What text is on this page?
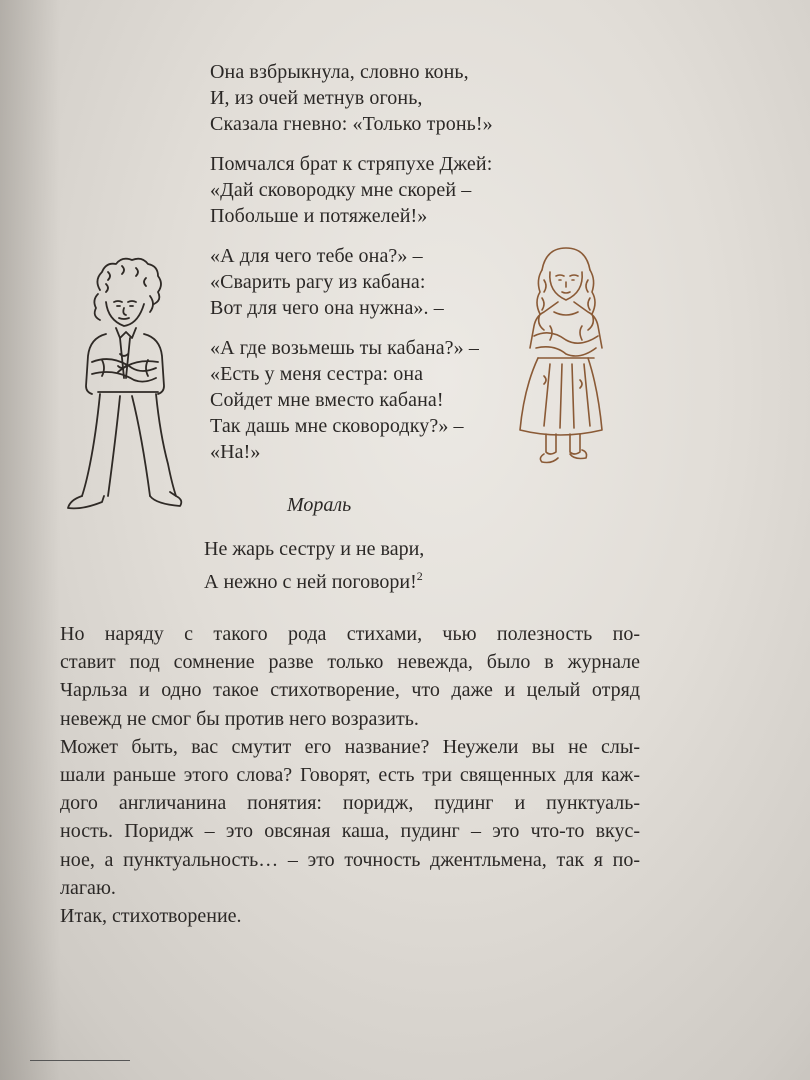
Она взбрыкнула, словно конь,
И, из очей метнув огонь,
Сказала гневно: «Только тронь!»
Помчался брат к стряпухе Джей:
«Дай сковородку мне скорей –
Побольше и потяжелей!»
«А для чего тебе она?» –
«Сварить рагу из кабана:
Вот для чего она нужна». –
«А где возьмешь ты кабана?» –
«Есть у меня сестра: она
Сойдет мне вместо кабана!
Так дашь мне сковородку?» –
«На!»
Мораль
Не жарь сестру и не вари,
А нежно с ней поговори!$^2$

Но наряду с такого рода стихами, чью полезность по-
ставит под сомнение разве только невежда, было в журнале
Чарльза и одно такое стихотворение, что даже и целый отряд
невежд не смог бы против него возразить.

Может быть, вас смутит его название? Неужели вы не слы-
шали раньше этого слова? Говорят, есть три священных для каж-
дого англичанина понятия: поридж, пудинг и пунктуаль-
ность. Поридж – это овсяная каша, пудинг – это что-то вкус-
ное, а пунктуальность… – это точность джентльмена, так я по-
лагаю.

Итак, стихотворение.
